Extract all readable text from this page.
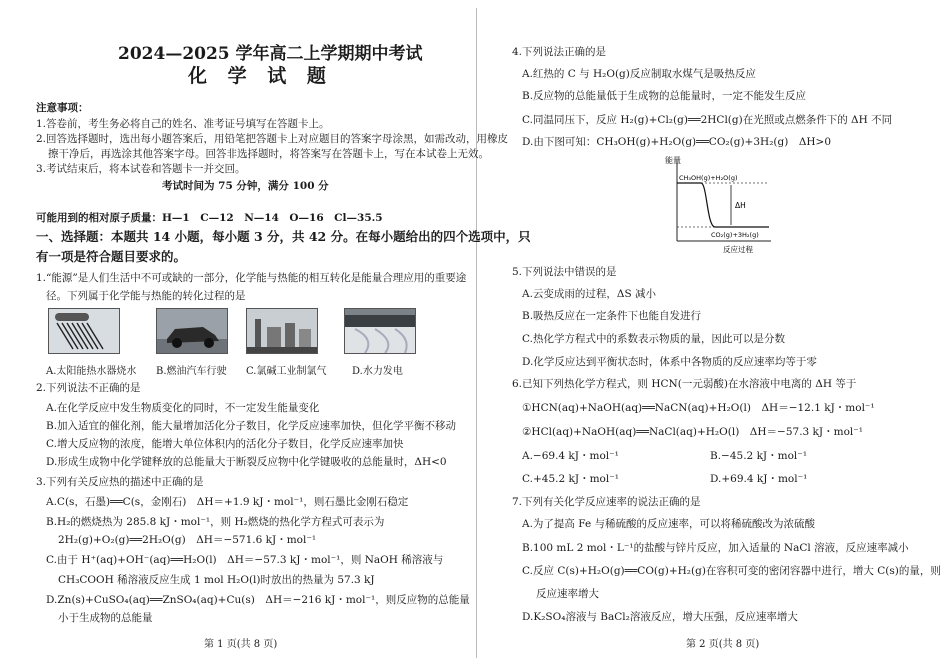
2024—2025 学年高二上学期期中考试
化 学 试 题
注意事项：
1.答卷前，考生务必将自己的姓名、准考证号填写在答题卡上。
2.回答选择题时，选出每小题答案后，用铅笔把答题卡上对应题目的答案字母涂黑，如需改动，用橡皮
擦干净后，再选涂其他答案字母。回答非选择题时，将答案写在答题卡上，写在本试卷上无效。
3.考试结束后，将本试卷和答题卡一并交回。
考试时间为 75 分钟，满分 100 分
可能用到的相对原子质量：H—1　C—12　N—14　O—16　Cl—35.5
一、选择题：本题共 14 小题，每小题 3 分，共 42 分。在每小题给出的四个选项中，只
有一项是符合题目要求的。
1.“能源”是人们生活中不可或缺的一部分，化学能与热能的相互转化是能量合理应用的重要途
径。下列属于化学能与热能的转化过程的是
A.太阳能热水器烧水 B.燃油汽车行驶 C.氯碱工业制氯气	D.水力发电
2.下列说法不正确的是
A.在化学反应中发生物质变化的同时，不一定发生能量变化
B.加入适宜的催化剂，能大量增加活化分子数目，化学反应速率加快，但化学平衡不移动
C.增大反应物的浓度，能增大单位体积内的活化分子数目，化学反应速率加快
D.形成生成物中化学键释放的总能量大于断裂反应物中化学键吸收的总能量时，ΔH<0
3.下列有关反应热的描述中正确的是
A.C(s，石墨)══C(s，金刚石)　ΔH＝+1.9 kJ・mol⁻¹，则石墨比金刚石稳定
B.H₂的燃烧热为 285.8 kJ・mol⁻¹，则 H₂燃烧的热化学方程式可表示为
2H₂(g)+O₂(g)══2H₂O(g)　ΔH＝−571.6 kJ・mol⁻¹
C.由于 H⁺(aq)+OH⁻(aq)══H₂O(l)　ΔH＝−57.3 kJ・mol⁻¹，则 NaOH 稀溶液与
CH₃COOH 稀溶液反应生成 1 mol H₂O(l)时放出的热量为 57.3 kJ
D.Zn(s)+CuSO₄(aq)══ZnSO₄(aq)+Cu(s)　ΔH＝−216 kJ・mol⁻¹，则反应物的总能量
小于生成物的总能量
第 1 页(共 8 页)
4.下列说法正确的是
A.红热的 C 与 H₂O(g)反应制取水煤气是吸热反应
B.反应物的总能量低于生成物的总能量时，一定不能发生反应
C.同温同压下，反应 H₂(g)+Cl₂(g)══2HCl(g)在光照或点燃条件下的 ΔH 不同
D.由下图可知：CH₃OH(g)+H₂O(g)══CO₂(g)+3H₂(g)　ΔH>0
能量
CH₃OH(g)+H₂O(g)
CO₂(g)+3H₂(g)
ΔH
反应过程
5.下列说法中错误的是
A.云变成雨的过程，ΔS 减小
B.吸热反应在一定条件下也能自发进行
C.热化学方程式中的系数表示物质的量，因此可以是分数
D.化学反应达到平衡状态时，体系中各物质的反应速率均等于零
6.已知下列热化学方程式，则 HCN(一元弱酸)在水溶液中电离的 ΔH 等于
①HCN(aq)+NaOH(aq)══NaCN(aq)+H₂O(l)　ΔH＝−12.1 kJ・mol⁻¹
②HCl(aq)+NaOH(aq)══NaCl(aq)+H₂O(l)　ΔH＝−57.3 kJ・mol⁻¹
A.−69.4 kJ・mol⁻¹	B.−45.2 kJ・mol⁻¹
C.+45.2 kJ・mol⁻¹	D.+69.4 kJ・mol⁻¹
7.下列有关化学反应速率的说法正确的是
A.为了提高 Fe 与稀硫酸的反应速率，可以将稀硫酸改为浓硫酸
B.100 mL 2 mol・L⁻¹的盐酸与锌片反应，加入适量的 NaCl 溶液，反应速率减小
C.反应 C(s)+H₂O(g)══CO(g)+H₂(g)在容积可变的密闭容器中进行，增大 C(s)的量，则
反应速率增大
D.K₂SO₄溶液与 BaCl₂溶液反应，增大压强，反应速率增大
第 2 页(共 8 页)
